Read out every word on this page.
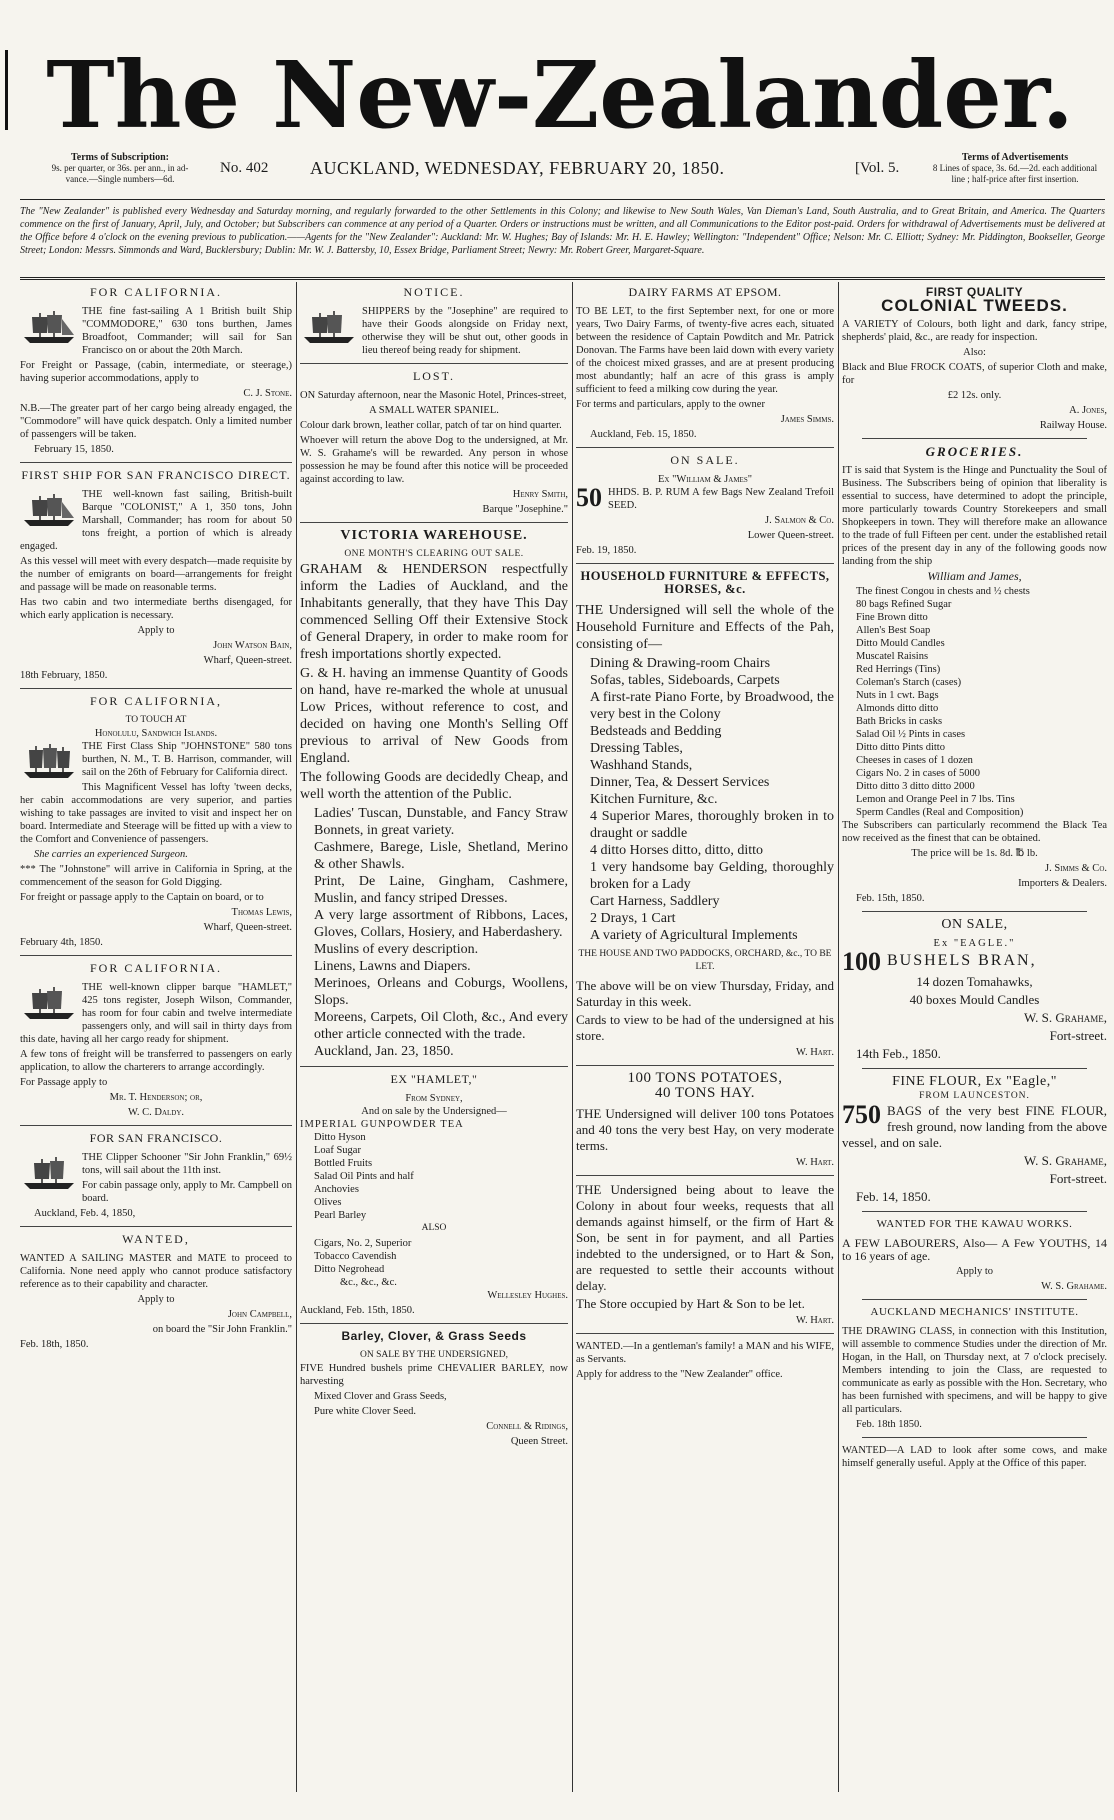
The New-Zealander.
Terms of Subscription:
9s. per quarter, or 36s. per ann., in ad-
vance.—Single numbers—6d.
No. 402 AUCKLAND, WEDNESDAY, FEBRUARY 20, 1850.	[Vol. 5.
Terms of Advertisements
8 Lines of space, 3s. 6d.—2d. each additional
line ; half-price after first insertion.
The "New Zealander" is published every Wednesday and Saturday morning, and regularly forwarded to the other Settlements in this Colony; and likewise to New South Wales, Van Dieman's Land, South Australia, and to Great Britain, and America. The Quarters commence on the first of January, April, July, and October; but Subscribers can commence at any period of a Quarter. Orders or instructions must be written, and all Communications to the Editor post-paid. Orders for withdrawal of Advertisements must be delivered at the Office before 4 o'clock on the evening previous to publication.——Agents for the "New Zealander": Auckland: Mr. W. Hughes; Bay of Islands: Mr. H. E. Hawley; Wellington: "Independent" Office; Nelson: Mr. C. Elliott; Sydney: Mr. Piddington, Bookseller, George Street; London: Messrs. Simmonds and Ward, Bucklersbury; Dublin: Mr. W. J. Battersby, 10, Essex Bridge, Parliament Street; Newry: Mr. Robert Greer, Margaret-Square.
FOR CALIFORNIA.

THE fine fast-sailing A 1 British built Ship "COMMODORE," 630 tons burthen, James Broadfoot, Commander; will sail for San Francisco on or about the 20th March.

For Freight or Passage, (cabin, intermediate, or steerage,) having superior accommodations, apply to

C. J. Stone.

N.B.—The greater part of her cargo being already engaged, the "Commodore" will have quick despatch. Only a limited number of passengers will be taken.

February 15, 1850.

FIRST SHIP FOR SAN FRANCISCO DIRECT.

THE well-known fast sailing, British-built Barque "COLONIST," A 1, 350 tons, John Marshall, Commander; has room for about 50 tons freight, a portion of which is already engaged.

As this vessel will meet with every despatch—made requisite by the number of emigrants on board—arrangements for freight and passage will be made on reasonable terms.

Has two cabin and two intermediate berths disengaged, for which early application is necessary.

Apply to

John Watson Bain,

Wharf, Queen-street.

18th February, 1850.

FOR CALIFORNIA,
TO TOUCH AT
Honolulu, Sandwich Islands.

THE First Class Ship "JOHNSTONE" 580 tons burthen, N. M., T. B. Harrison, commander, will sail on the 26th of February for California direct.

This Magnificent Vessel has lofty 'tween decks, her cabin accommodations are very superior, and parties wishing to take passages are invited to visit and inspect her on board. Intermediate and Steerage will be fitted up with a view to the Comfort and Convenience of passengers.

She carries an experienced Surgeon.

*** The "Johnstone" will arrive in California in Spring, at the commencement of the season for Gold Digging.

For freight or passage apply to the Captain on board, or to

Thomas Lewis,

Wharf, Queen-street.

February 4th, 1850.

FOR CALIFORNIA.

THE well-known clipper barque "HAMLET," 425 tons register, Joseph Wilson, Commander, has room for four cabin and twelve intermediate passengers only, and will sail in thirty days from this date, having all her cargo ready for shipment.

A few tons of freight will be transferred to passengers on early application, to allow the charterers to arrange accordingly.

For Passage apply to

Mr. T. Henderson; or,

W. C. Daldy.

FOR SAN FRANCISCO.

THE Clipper Schooner "Sir John Franklin," 69½ tons, will sail about the 11th inst.

For cabin passage only, apply to Mr. Campbell on board.

Auckland, Feb. 4, 1850,

WANTED,

WANTED A SAILING MASTER and MATE to proceed to California. None need apply who cannot produce satisfactory reference as to their capability and character.

Apply to

John Campbell,

on board the "Sir John Franklin."

Feb. 18th, 1850.

NOTICE.

SHIPPERS by the "Josephine" are required to have their Goods alongside on Friday next, otherwise they will be shut out, other goods in lieu thereof being ready for shipment.

LOST.

ON Saturday afternoon, near the Masonic Hotel, Princes-street,

A SMALL WATER SPANIEL.

Colour dark brown, leather collar, patch of tar on hind quarter.

Whoever will return the above Dog to the undersigned, at Mr. W. S. Grahame's will be rewarded. Any person in whose possession he may be found after this notice will be proceeded against according to law.

Henry Smith,

Barque "Josephine."

VICTORIA WAREHOUSE.
ONE MONTH'S CLEARING OUT SALE.

GRAHAM & HENDERSON respectfully inform the Ladies of Auckland, and the Inhabitants generally, that they have This Day commenced Selling Off their Extensive Stock of General Drapery, in order to make room for fresh importations shortly expected.

G. & H. having an immense Quantity of Goods on hand, have re-marked the whole at unusual Low Prices, without reference to cost, and decided on having one Month's Selling Off previous to arrival of New Goods from England.

The following Goods are decidedly Cheap, and well worth the attention of the Public.

Ladies' Tuscan, Dunstable, and Fancy Straw Bonnets, in great variety.

Cashmere, Barege, Lisle, Shetland, Merino & other Shawls.

Print, De Laine, Gingham, Cashmere, Muslin, and fancy striped Dresses.

A very large assortment of Ribbons, Laces, Gloves, Collars, Hosiery, and Haberdashery.

Muslins of every description.

Linens, Lawns and Diapers.

Merinoes, Orleans and Coburgs, Woollens, Slops.

Moreens, Carpets, Oil Cloth, &c., And every other article connected with the trade.

Auckland, Jan. 23, 1850.

EX "HAMLET,"
From Sydney,
And on sale by the Undersigned—

IMPERIAL GUNPOWDER TEA

Ditto Hyson

Loaf Sugar

Bottled Fruits

Salad Oil Pints and half

Anchovies

Olives

Pearl Barley

ALSO

Cigars, No. 2, Superior

Tobacco Cavendish

Ditto Negrohead

&c., &c., &c.

Wellesley Hughes.

Auckland, Feb. 15th, 1850.

Barley, Clover, & Grass Seeds
ON SALE BY THE UNDERSIGNED,

FIVE Hundred bushels prime CHEVALIER BARLEY, now harvesting

Mixed Clover and Grass Seeds,

Pure white Clover Seed.

Connell & Ridings,

Queen Street.

DAIRY FARMS AT EPSOM.

TO BE LET, to the first September next, for one or more years, Two Dairy Farms, of twenty-five acres each, situated between the residence of Captain Powditch and Mr. Patrick Donovan. The Farms have been laid down with every variety of the choicest mixed grasses, and are at present producing most abundantly; half an acre of this grass is amply sufficient to feed a milking cow during the year.

For terms and particulars, apply to the owner

James Simms.

Auckland, Feb. 15, 1850.

ON SALE.
Ex "William & James"
50 HHDS. B. P. RUM A few Bags New Zealand Trefoil SEED.

J. Salmon & Co.

Lower Queen-street.

Feb. 19, 1850.

HOUSEHOLD FURNITURE & EFFECTS, HORSES, &c.

THE Undersigned will sell the whole of the Household Furniture and Effects of the Pah, consisting of—

Dining & Drawing-room Chairs

Sofas, tables, Sideboards, Carpets

A first-rate Piano Forte, by Broadwood, the very best in the Colony

Bedsteads and Bedding

Dressing Tables,

Washhand Stands,

Dinner, Tea, & Dessert Services

Kitchen Furniture, &c.

4 Superior Mares, thoroughly broken in to draught or saddle

4 ditto Horses ditto, ditto, ditto

1 very handsome bay Gelding, thoroughly broken for a Lady

Cart Harness, Saddlery

2 Drays, 1 Cart

A variety of Agricultural Implements

THE HOUSE AND TWO PADDOCKS, ORCHARD, &c., TO BE LET.

The above will be on view Thursday, Friday, and Saturday in this week.

Cards to view to be had of the undersigned at his store.

W. Hart.

100 TONS POTATOES,
40 TONS HAY.

THE Undersigned will deliver 100 tons Potatoes and 40 tons the very best Hay, on very moderate terms.

W. Hart.

THE Undersigned being about to leave the Colony in about four weeks, requests that all demands against himself, or the firm of Hart & Son, be sent in for payment, and all Parties indebted to the undersigned, or to Hart & Son, are requested to settle their accounts without delay.

The Store occupied by Hart & Son to be let.

W. Hart.

WANTED.—In a gentleman's family! a MAN and his WIFE, as Servants.

Apply for address to the "New Zealander" office.

FIRST QUALITY
COLONIAL TWEEDS.

A VARIETY of Colours, both light and dark, fancy stripe, shepherds' plaid, &c., are ready for inspection.

Also:

Black and Blue FROCK COATS, of superior Cloth and make, for

£2 12s. only.

A. Jones,

Railway House.

GROCERIES.

IT is said that System is the Hinge and Punctuality the Soul of Business. The Subscribers being of opinion that liberality is essential to success, have determined to adopt the principle, more particularly towards Country Storekeepers and small Shopkeepers in town. They will therefore make an allowance to the trade of full Fifteen per cent. under the established retail prices of the present day in any of the following goods now landing from the ship

William and James,

The finest Congou in chests and ½ chests

80 bags Refined Sugar

Fine Brown ditto

Allen's Best Soap

Ditto Mould Candles

Muscatel Raisins

Red Herrings (Tins)

Coleman's Starch (cases)

Nuts in 1 cwt. Bags

Almonds ditto ditto

Bath Bricks in casks

Salad Oil ½ Pints in cases

Ditto ditto Pints ditto

Cheeses in cases of 1 dozen

Cigars No. 2 in cases of 5000

Ditto ditto 3 ditto ditto 2000

Lemon and Orange Peel in 7 lbs. Tins

Sperm Candles (Real and Composition)

The Subscribers can particularly recommend the Black Tea now received as the finest that can be obtained.

The price will be 1s. 8d. ℔ lb.

J. Simms & Co.

Importers & Dealers.

Feb. 15th, 1850.

ON SALE,
Ex "EAGLE."
100 BUSHELS BRAN,

14 dozen Tomahawks,

40 boxes Mould Candles

W. S. Grahame,

Fort-street.

14th Feb., 1850.

FINE FLOUR, Ex "Eagle,"
FROM LAUNCESTON.
750 BAGS of the very best FINE FLOUR, fresh ground, now landing from the above vessel, and on sale.

W. S. Grahame,

Fort-street.

Feb. 14, 1850.

WANTED FOR THE KAWAU WORKS.

A FEW LABOURERS, Also— A Few YOUTHS, 14 to 16 years of age.

Apply to

W. S. Grahame.

AUCKLAND MECHANICS' INSTITUTE.

THE DRAWING CLASS, in connection with this Institution, will assemble to commence Studies under the direction of Mr. Hogan, in the Hall, on Thursday next, at 7 o'clock precisely. Members intending to join the Class, are requested to communicate as early as possible with the Hon. Secretary, who has been furnished with specimens, and will be happy to give all particulars.

Feb. 18th 1850.

WANTED—A LAD to look after some cows, and make himself generally useful. Apply at the Office of this paper.
